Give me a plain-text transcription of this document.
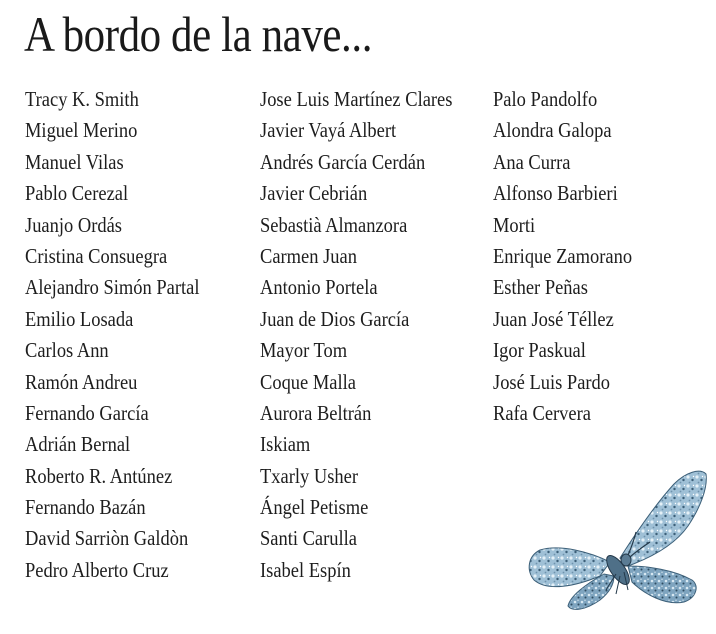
A bordo de la nave...
Tracy K. Smith
Miguel Merino
Manuel Vilas
Pablo Cerezal
Juanjo Ordás
Cristina Consuegra
Alejandro Simón Partal
Emilio Losada
Carlos Ann
Ramón Andreu
Fernando García
Adrián Bernal
Roberto R. Antúnez
Fernando Bazán
David Sarriòn Galdòn
Pedro Alberto Cruz
Jose Luis Martínez Clares
Javier Vayá Albert
Andrés García Cerdán
Javier Cebrián
Sebastià Almanzora
Carmen Juan
Antonio Portela
Juan de Dios García
Mayor Tom
Coque Malla
Aurora Beltrán
Iskiam
Txarly Usher
Ángel Petisme
Santi Carulla
Isabel Espín
Palo Pandolfo
Alondra Galopa
Ana Curra
Alfonso Barbieri
Morti
Enrique Zamorano
Esther Peñas
Juan José Téllez
Igor Paskual
José Luis Pardo
Rafa Cervera
